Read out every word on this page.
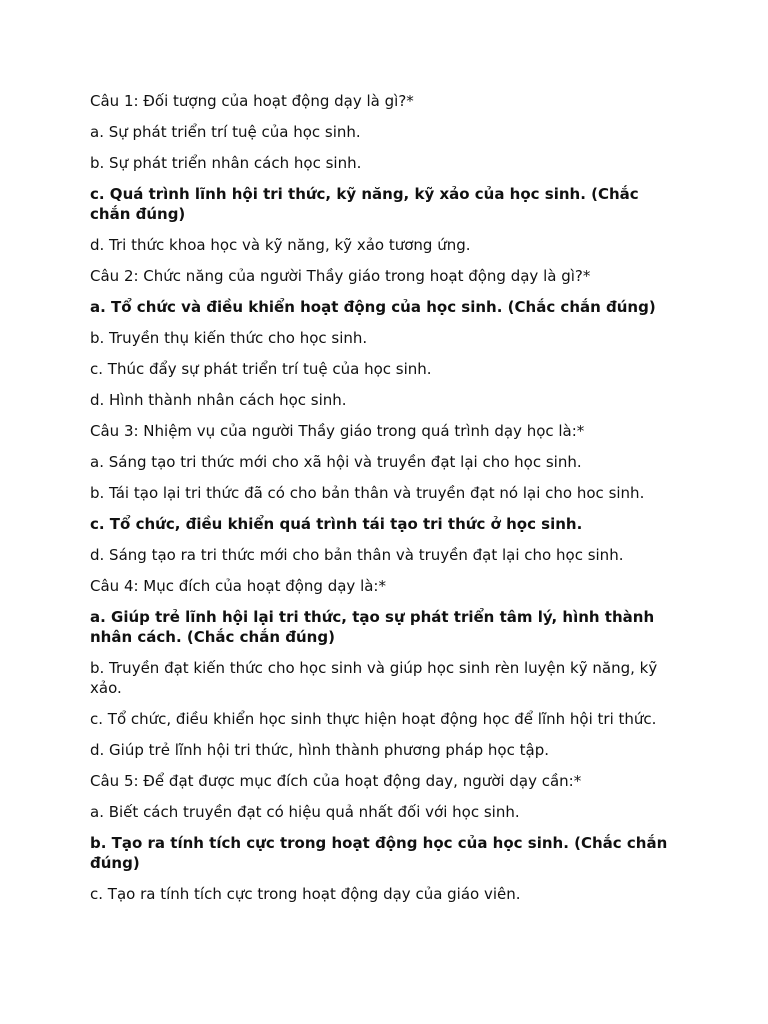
Câu 1: Đối tượng của hoạt động dạy là gì?*
a. Sự phát triển trí tuệ của học sinh.
b. Sự phát triển nhân cách học sinh.
c. Quá trình lĩnh hội tri thức, kỹ năng, kỹ xảo của học sinh. (Chắc chắn đúng)
d. Tri thức khoa học và kỹ năng, kỹ xảo tương ứng.
Câu 2: Chức năng của người Thầy giáo trong hoạt động dạy là gì?*
a. Tổ chức và điều khiển hoạt động của học sinh. (Chắc chắn đúng)
b. Truyền thụ kiến thức cho học sinh.
c. Thúc đẩy sự phát triển trí tuệ của học sinh.
d. Hình thành nhân cách học sinh.
Câu 3: Nhiệm vụ của người Thầy giáo trong quá trình dạy học là:*
a. Sáng tạo tri thức mới cho xã hội và truyền đạt lại cho học sinh.
b. Tái tạo lại tri thức đã có cho bản thân và truyền đạt nó lại cho hoc sinh.
c. Tổ chức, điều khiển quá trình tái tạo tri thức ở học sinh.
d. Sáng tạo ra tri thức mới cho bản thân và truyền đạt lại cho học sinh.
Câu 4: Mục đích của hoạt động dạy là:*
a. Giúp trẻ lĩnh hội lại tri thức, tạo sự phát triển tâm lý, hình thành nhân cách. (Chắc chắn đúng)
b. Truyền đạt kiến thức cho học sinh và giúp học sinh rèn luyện kỹ năng, kỹ xảo.
c. Tổ chức, điều khiển học sinh thực hiện hoạt động học để lĩnh hội tri thức.
d. Giúp trẻ lĩnh hội tri thức, hình thành phương pháp học tập.
Câu 5: Để đạt được mục đích của hoạt động day, người dạy cần:*
a. Biết cách truyền đạt có hiệu quả nhất đối với học sinh.
b. Tạo ra tính tích cực trong hoạt động học của học sinh. (Chắc chắn đúng)
c. Tạo ra tính tích cực trong hoạt động dạy của giáo viên.
